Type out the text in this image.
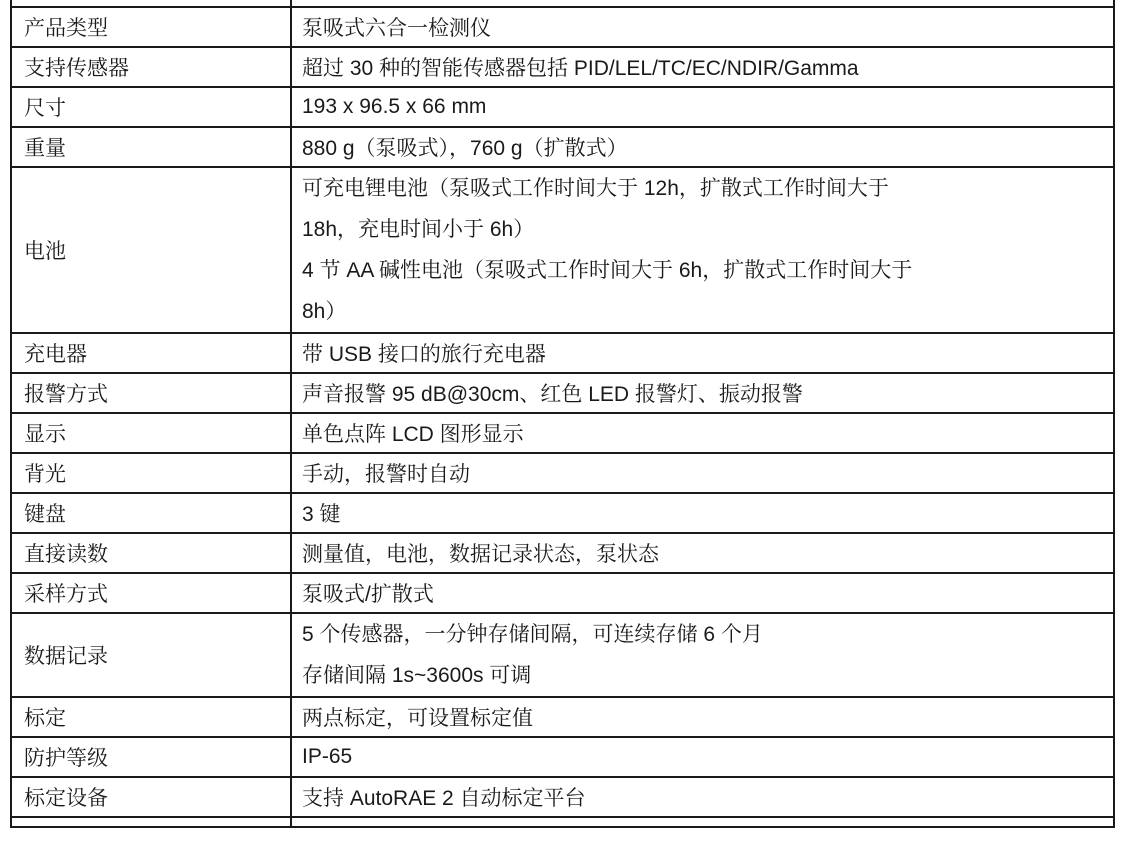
产品类型	泵吸式六合一检测仪
支持传感器	超过 30 种的智能传感器包括 PID/LEL/TC/EC/NDIR/Gamma
尺寸	193 x 96.5 x 66 mm
重量	880 g（泵吸式），760 g（扩散式）
电池	可充电锂电池（泵吸式工作时间大于 12h，扩散式工作时间大于
18h，充电时间小于 6h）
4 节 AA 碱性电池（泵吸式工作时间大于 6h，扩散式工作时间大于
8h）

充电器	带 USB 接口的旅行充电器
报警方式	声音报警 95 dB@30cm、红色 LED 报警灯、振动报警
显示	单色点阵 LCD 图形显示
背光	手动，报警时自动
键盘	3 键
直接读数	测量值，电池，数据记录状态，泵状态
采样方式	泵吸式/扩散式
数据记录	5 个传感器，一分钟存储间隔，可连续存储 6 个月
存储间隔 1s~3600s 可调

标定	两点标定，可设置标定值
防护等级	IP-65
标定设备	支持 AutoRAE 2 自动标定平台
